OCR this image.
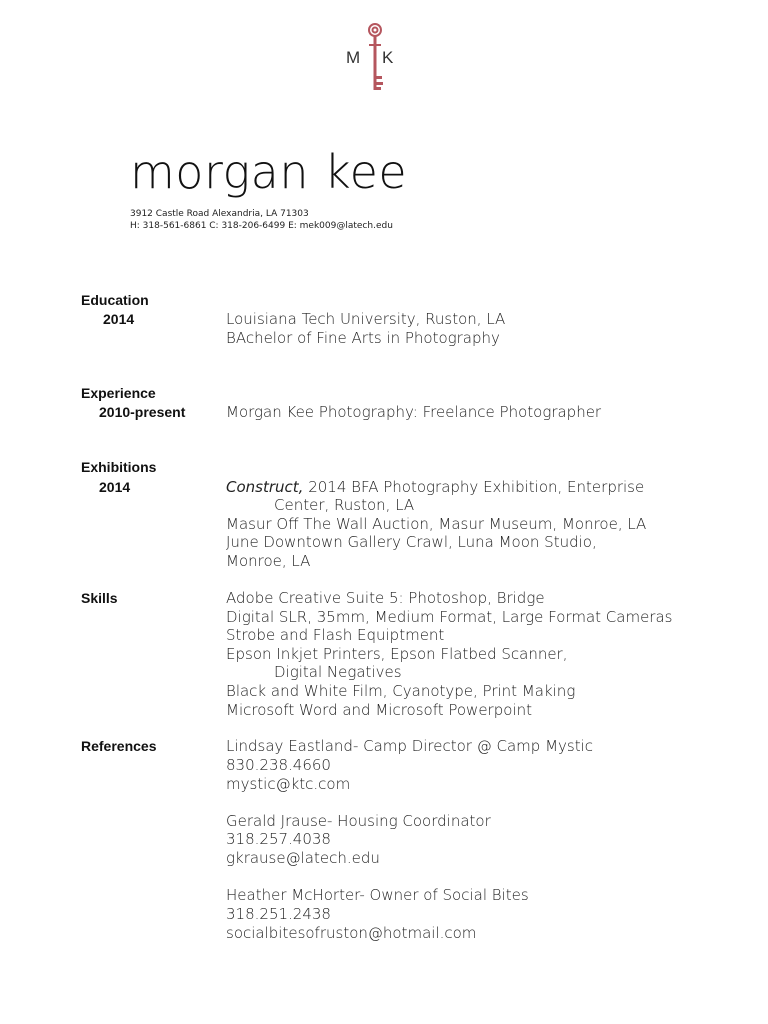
M K
morgan kee
3912 Castle Road Alexandria, LA 71303
H: 318-561-6861 C: 318-206-6499 E: mek009@latech.edu
Education
2014	Louisiana Tech University, Ruston, LA
BAchelor of Fine Arts in Photography
Experience
2010-present	Morgan Kee Photography: Freelance Photographer
Exhibitions
2014	Construct, 2014 BFA Photography Exhibition, Enterprise
Center, Ruston, LA
Masur Off The Wall Auction, Masur Museum, Monroe, LA
June Downtown Gallery Crawl, Luna Moon Studio,
Monroe, LA
Skills	Adobe Creative Suite 5: Photoshop, Bridge
Digital SLR, 35mm, Medium Format, Large Format Cameras
Strobe and Flash Equiptment
Epson Inkjet Printers, Epson Flatbed Scanner,
Digital Negatives
Black and White Film, Cyanotype, Print Making
Microsoft Word and Microsoft Powerpoint
References	Lindsay Eastland- Camp Director @ Camp Mystic
830.238.4660
mystic@ktc.com
Gerald Jrause- Housing Coordinator
318.257.4038
gkrause@latech.edu
Heather McHorter- Owner of Social Bites
318.251.2438
socialbitesofruston@hotmail.com
